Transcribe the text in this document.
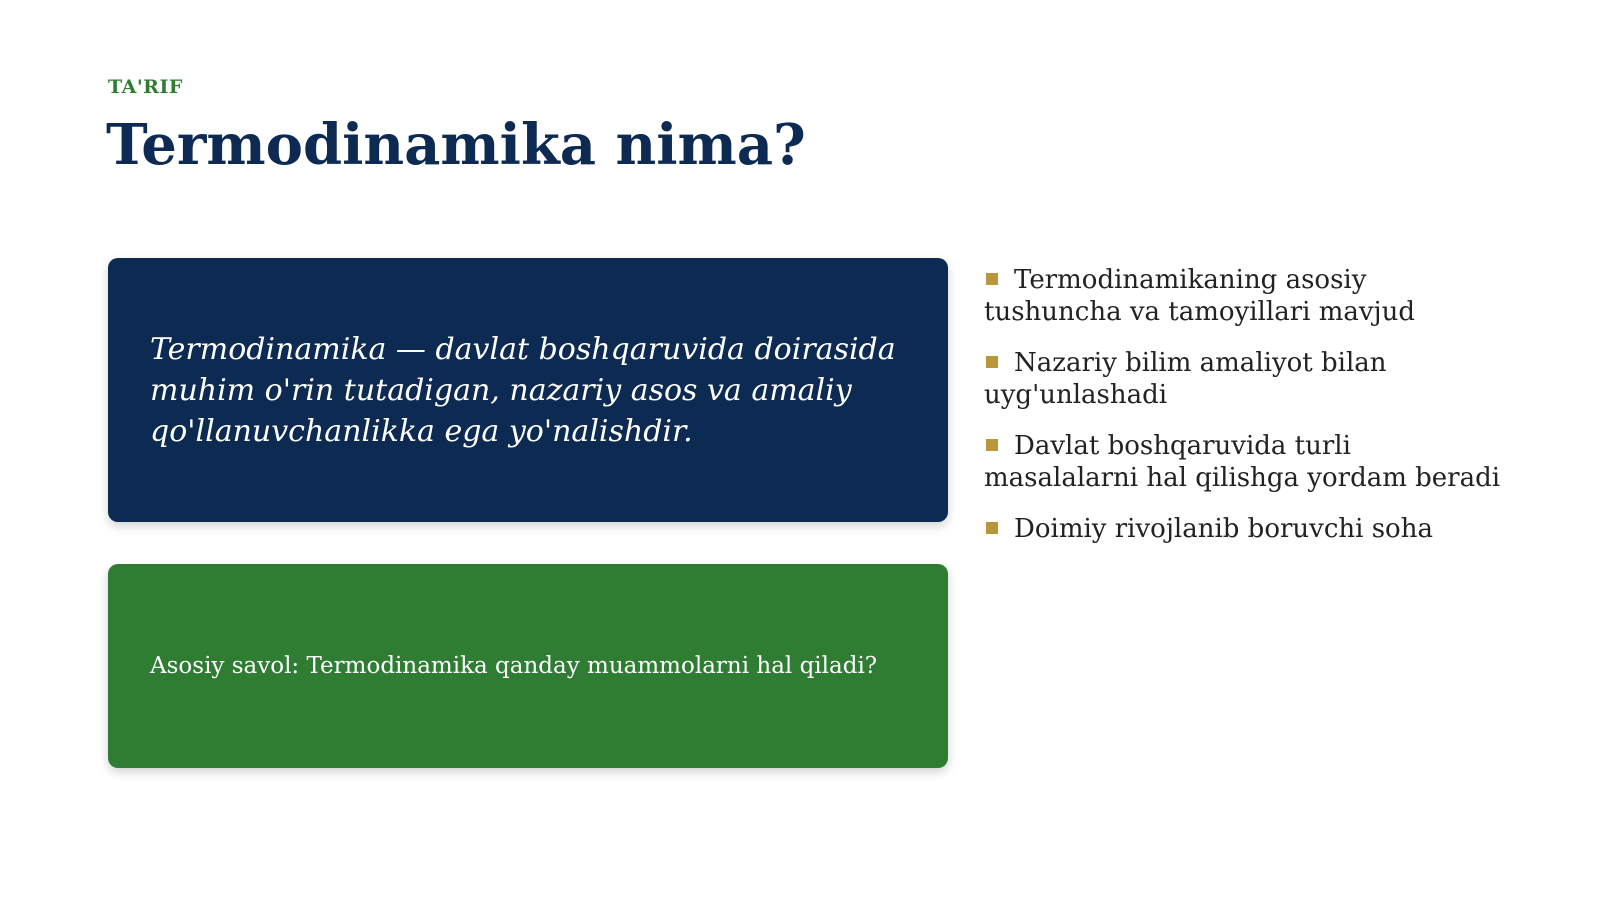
TA'RIF
Termodinamika nima?
Termodinamika — davlat boshqaruvida doirasida muhim o'rin tutadigan, nazariy asos va amaliy qo'llanuvchanlikka ega yo'nalishdir.
Asosiy savol: Termodinamika qanday muammolarni hal qiladi?
Termodinamikaning asosiy tushuncha va tamoyillari mavjud
Nazariy bilim amaliyot bilan uyg'unlashadi
Davlat boshqaruvida turli masalalarni hal qilishga yordam beradi
Doimiy rivojlanib boruvchi soha
